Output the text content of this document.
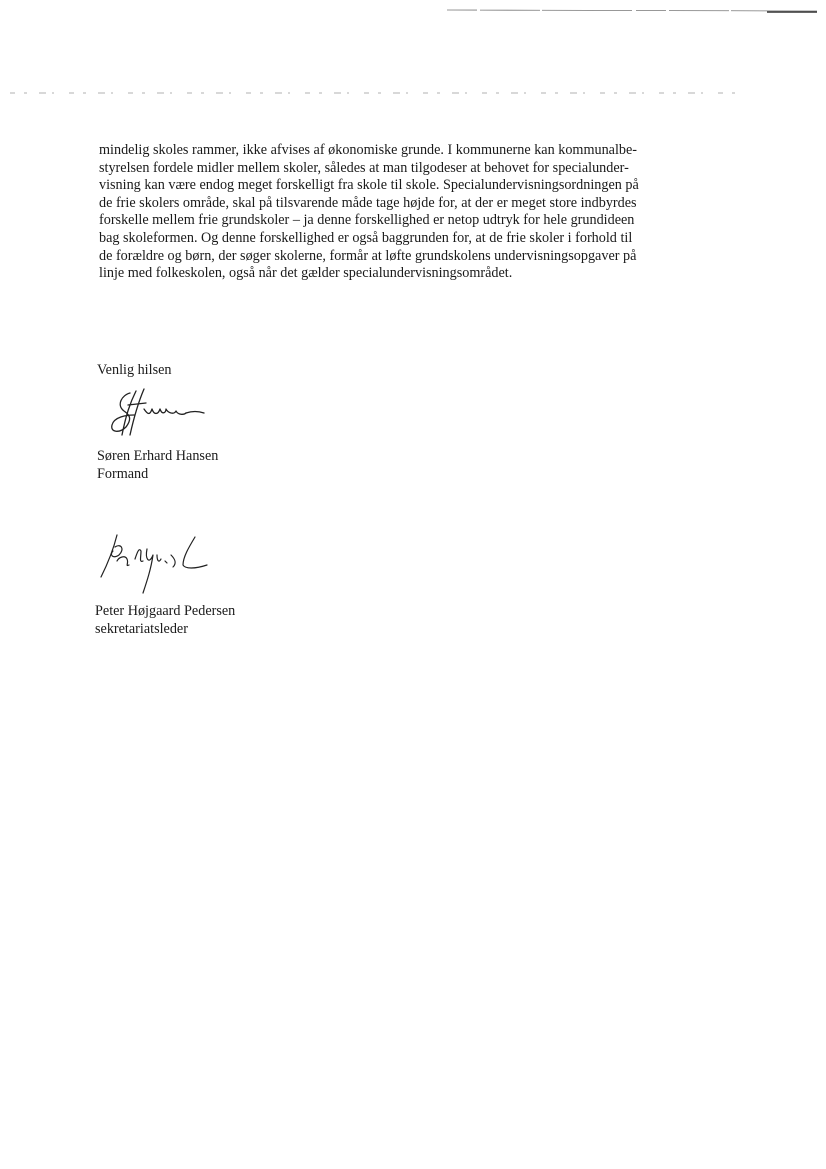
mindelig skoles rammer, ikke afvises af økonomiske grunde. I kommunerne kan kommunalbe-
styrelsen fordele midler mellem skoler, således at man tilgodeser at behovet for specialunder-
visning kan være endog meget forskelligt fra skole til skole. Specialundervisningsordningen på
de frie skolers område, skal på tilsvarende måde tage højde for, at der er meget store indbyrdes
forskelle mellem frie grundskoler – ja denne forskellighed er netop udtryk for hele grundideen
bag skoleformen. Og denne forskellighed er også baggrunden for, at de frie skoler i forhold til
de forældre og børn, der søger skolerne, formår at løfte grundskolens undervisningsopgaver på
linje med folkeskolen, også når det gælder specialundervisningsområdet.

Venlig hilsen

Søren Erhard Hansen
Formand
Peter Højgaard Pedersen
sekretariatsleder
